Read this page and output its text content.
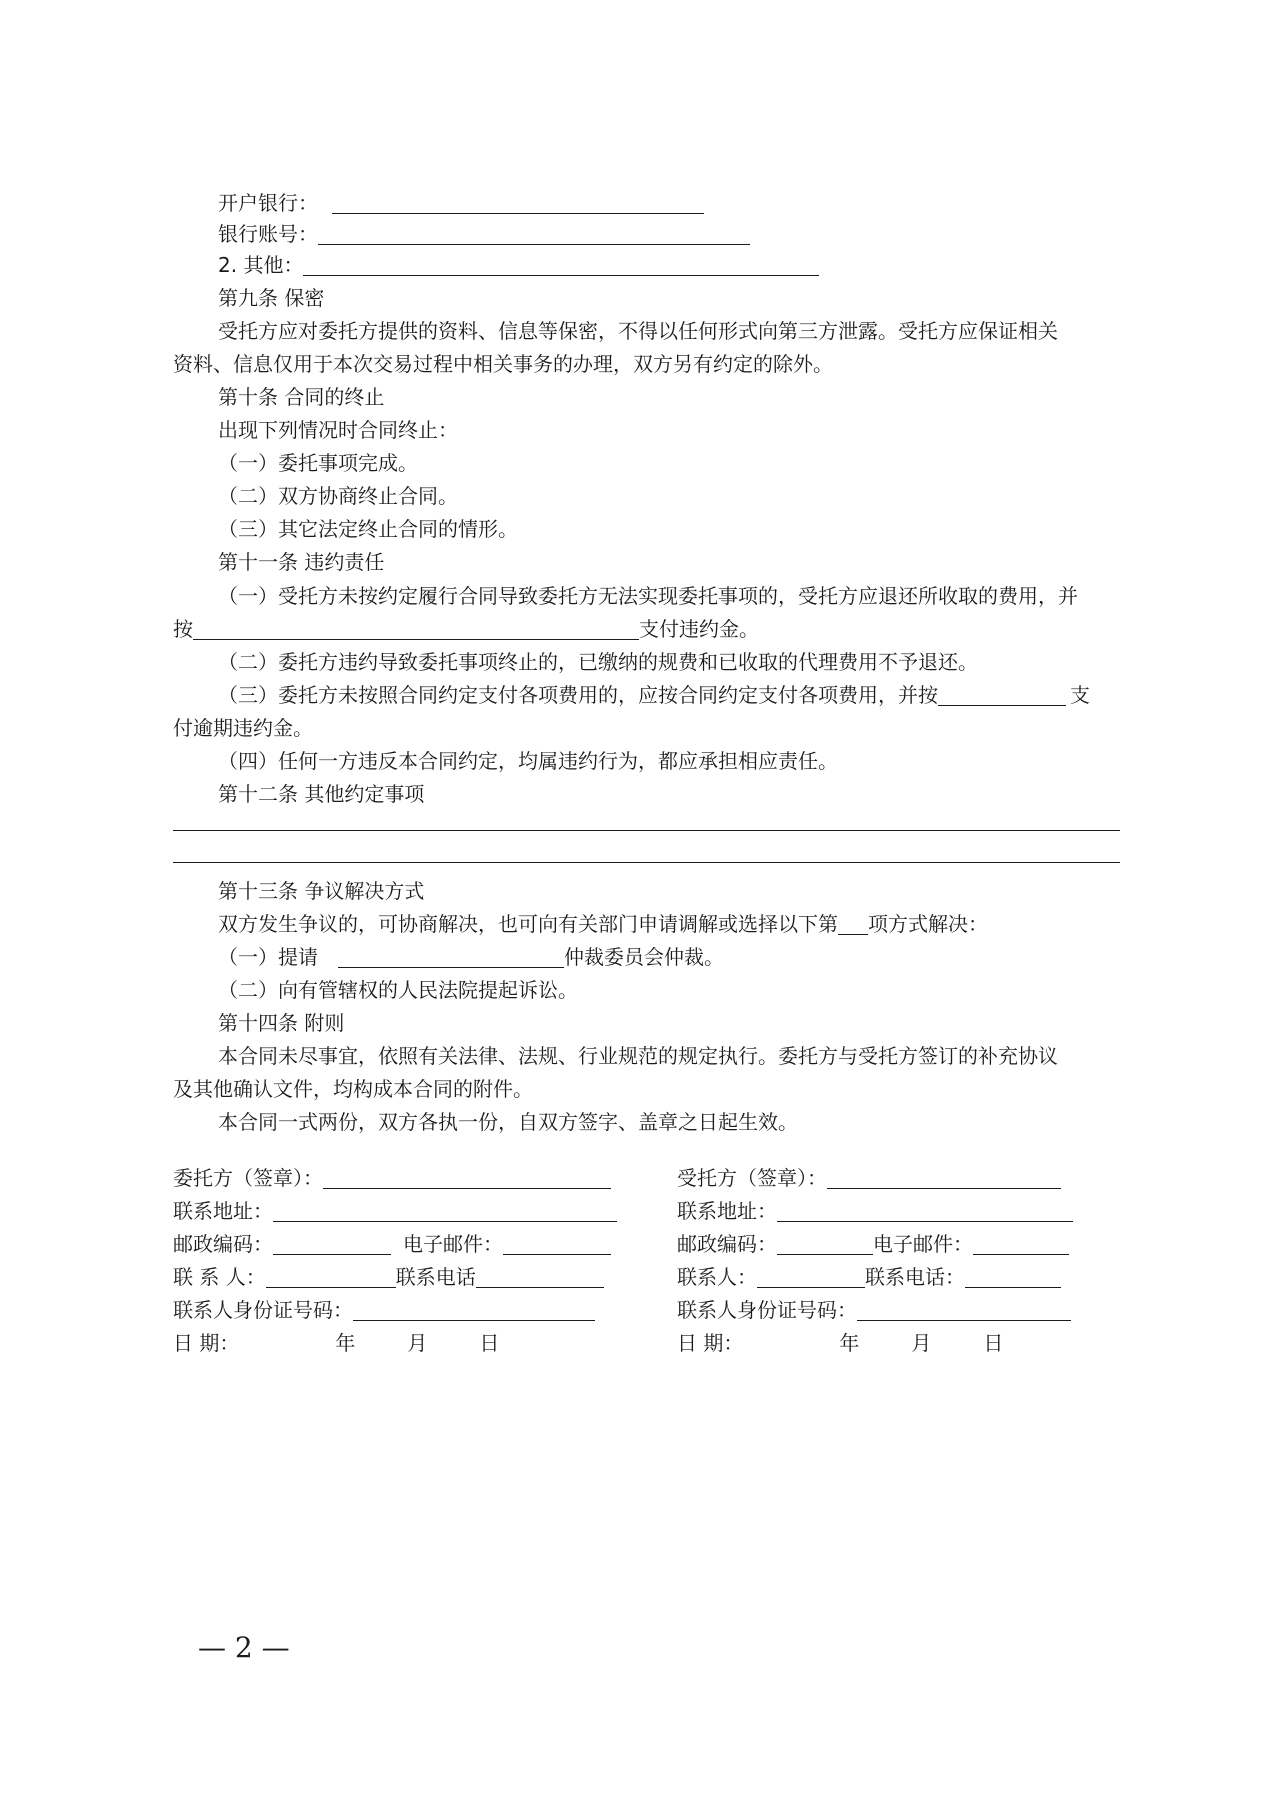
开户银行：
银行账号：
2. 其他：
第九条 保密
受托方应对委托方提供的资料、信息等保密，不得以任何形式向第三方泄露。受托方应保证相关
资料、信息仅用于本次交易过程中相关事务的办理，双方另有约定的除外。
第十条 合同的终止
出现下列情况时合同终止：
（一）委托事项完成。
（二）双方协商终止合同。
（三）其它法定终止合同的情形。
第十一条 违约责任
（一）受托方未按约定履行合同导致委托方无法实现委托事项的，受托方应退还所收取的费用，并
按	支付违约金。
（二）委托方违约导致委托事项终止的，已缴纳的规费和已收取的代理费用不予退还。
（三）委托方未按照合同约定支付各项费用的，应按合同约定支付各项费用，并按	支
付逾期违约金。
（四）任何一方违反本合同约定，均属违约行为，都应承担相应责任。
第十二条 其他约定事项
第十三条 争议解决方式
双方发生争议的，可协商解决，也可向有关部门申请调解或选择以下第 项方式解决：
（一）提请	仲裁委员会仲裁。
（二）向有管辖权的人民法院提起诉讼。
第十四条 附则
本合同未尽事宜，依照有关法律、法规、行业规范的规定执行。委托方与受托方签订的补充协议
及其他确认文件，均构成本合同的附件。
本合同一式两份，双方各执一份，自双方签字、盖章之日起生效。
委托方（签章）：
联系地址：
邮政编码：	电子邮件：
联 系 人：	联系电话
联系人身份证号码：
日 期：	年	月	日
受托方（签章）：
联系地址：
邮政编码：	电子邮件：
联系人：	联系电话：
联系人身份证号码：
日 期：	年	月	日
— 2 —
